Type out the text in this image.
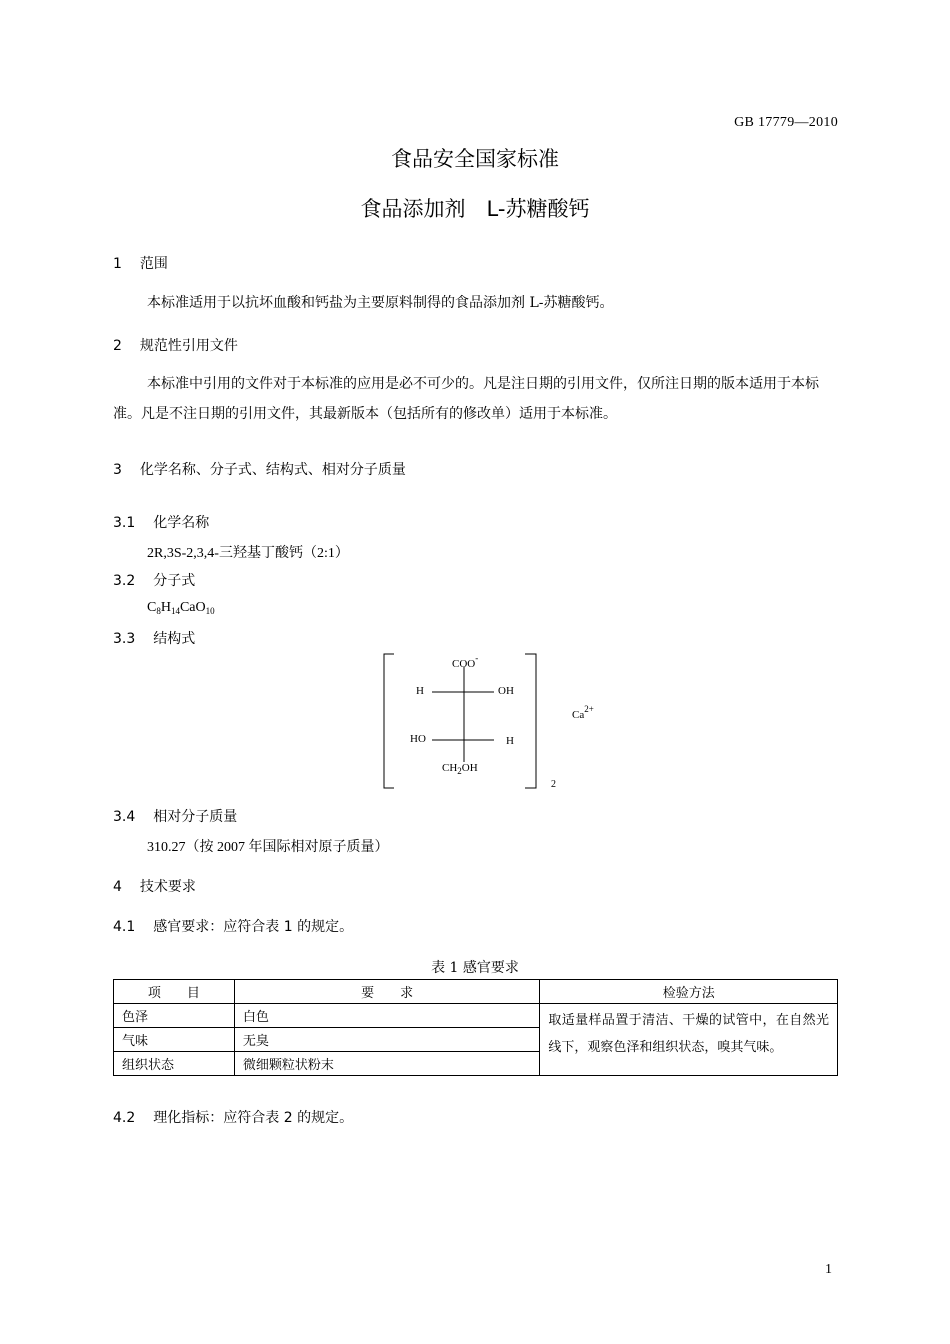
GB 17779—2010
食品安全国家标准
食品添加剂　L-苏糖酸钙
1 范围
本标准适用于以抗坏血酸和钙盐为主要原料制得的食品添加剂 L-苏糖酸钙。
2 规范性引用文件
本标准中引用的文件对于本标准的应用是必不可少的。凡是注日期的引用文件，仅所注日期的版本适用于本标准。凡是不注日期的引用文件，其最新版本（包括所有的修改单）适用于本标准。
3 化学名称、分子式、结构式、相对分子质量
3.1 化学名称
2R,3S-2,3,4-三羟基丁酸钙（2:1）
3.2 分子式
$C_8H_{14}CaO_{10}$
3.3 结构式
COO-
H	OH
HO	H
$CH_2OH$
2
$Ca^{2+}$
3.4 相对分子质量
310.27（按 2007 年国际相对原子质量）
4 技术要求
4.1 感官要求：应符合表 1 的规定。
表 1 感官要求
项　　目	要　　求	检验方法
色泽	白色	取适量样品置于清洁、干燥的试管中，在自然光线下，观察色泽和组织状态，嗅其气味。
气味	无臭	
组织状态	微细颗粒状粉末	
4.2 理化指标：应符合表 2 的规定。
1
